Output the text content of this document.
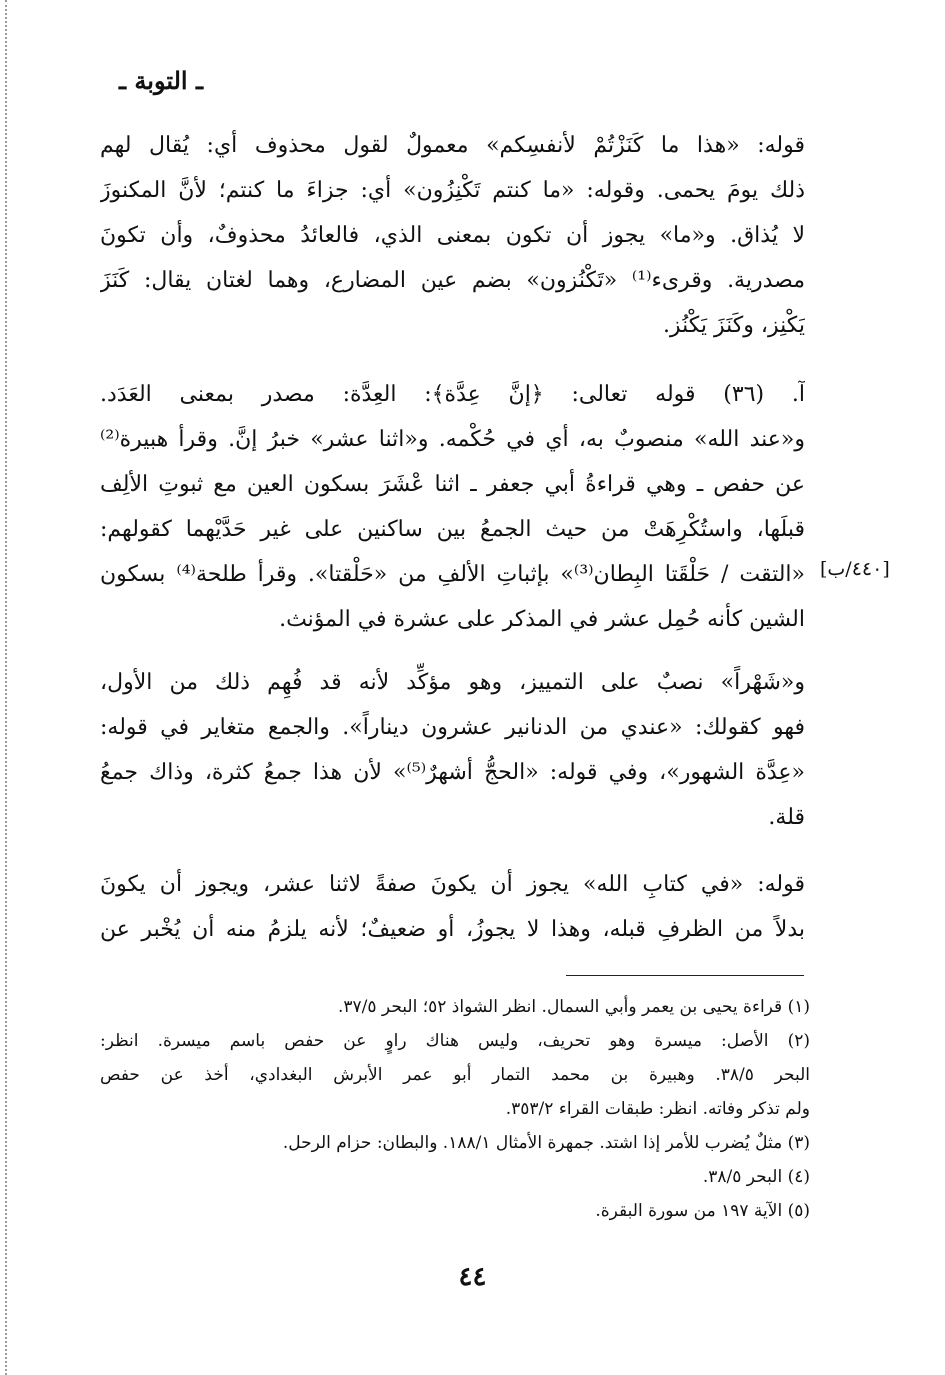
ـ التوبة ـ
[٤٤٠/ب]
قوله: «هذا ما كَنَزْتُمْ لأنفسِكم» معمولٌ لقول محذوف أي: يُقال لهم
ذلك يومَ يحمى. وقوله: «ما كنتم تَكْنِزُون» أي: جزاءَ ما كنتم؛ لأنَّ المكنوزَ
لا يُذاق. و«ما» يجوز أن تكون بمعنى الذي، فالعائدُ محذوفٌ، وأن تكونَ
مصدرية. وقرىء⁽¹⁾ «تَكْنُزون» بضم عين المضارع، وهما لغتان يقال: كَنَزَ
يَكْنِز، وكَنَزَ يَكْنُز.
آ. (٣٦) قوله تعالى: ﴿إنَّ عِدَّة﴾: العِدَّة: مصدر بمعنى العَدَد.
و«عند الله» منصوبٌ به، أي في حُكْمه. و«اثنا عشر» خبرُ إنَّ. وقرأ هبيرة⁽²⁾
عن حفص ـ وهي قراءةُ أبي جعفر ـ اثنا عْشَرَ بسكون العين مع ثبوتِ الألِف
قبلَها، واستُكْرِهَتْ من حيث الجمعُ بين ساكنين على غير حَدَّيْهما كقولهم:
«التقت / حَلْقَتا البِطان⁽³⁾» بإثباتِ الألفِ من «حَلْقتا». وقرأ طلحة⁽⁴⁾ بسكون
الشين كأنه حُمِل عشر في المذكر على عشرة في المؤنث.
و«شَهْراً» نصبٌ على التمييز، وهو مؤكِّد لأنه قد فُهِم ذلك من الأول،
فهو كقولك: «عندي من الدنانير عشرون ديناراً». والجمع متغاير في قوله:
«عِدَّة الشهور»، وفي قوله: «الحجُّ أشهرٌ⁽⁵⁾» لأن هذا جمعُ كثرة، وذاك جمعُ
قلة.
قوله: «في كتابِ الله» يجوز أن يكونَ صفةً لاثنا عشر، ويجوز أن يكونَ
بدلاً من الظرفِ قبله، وهذا لا يجوزُ، أو ضعيفٌ؛ لأنه يلزمُ منه أن يُخْبر عن
(١) قراءة يحيى بن يعمر وأبي السمال. انظر الشواذ ٥٢؛ البحر ٣٧/٥.
(٢) الأصل: ميسرة وهو تحريف، وليس هناك راوٍ عن حفص باسم ميسرة. انظر:
البحر ٣٨/٥. وهبيرة بن محمد التمار أبو عمر الأبرش البغدادي، أخذ عن حفص
ولم تذكر وفاته. انظر: طبقات القراء ٣٥٣/٢.
(٣) مثلٌ يُضرب للأمر إذا اشتد. جمهرة الأمثال ١٨٨/١. والبطان: حزام الرحل.
(٤) البحر ٣٨/٥.
(٥) الآية ١٩٧ من سورة البقرة.
٤٤
